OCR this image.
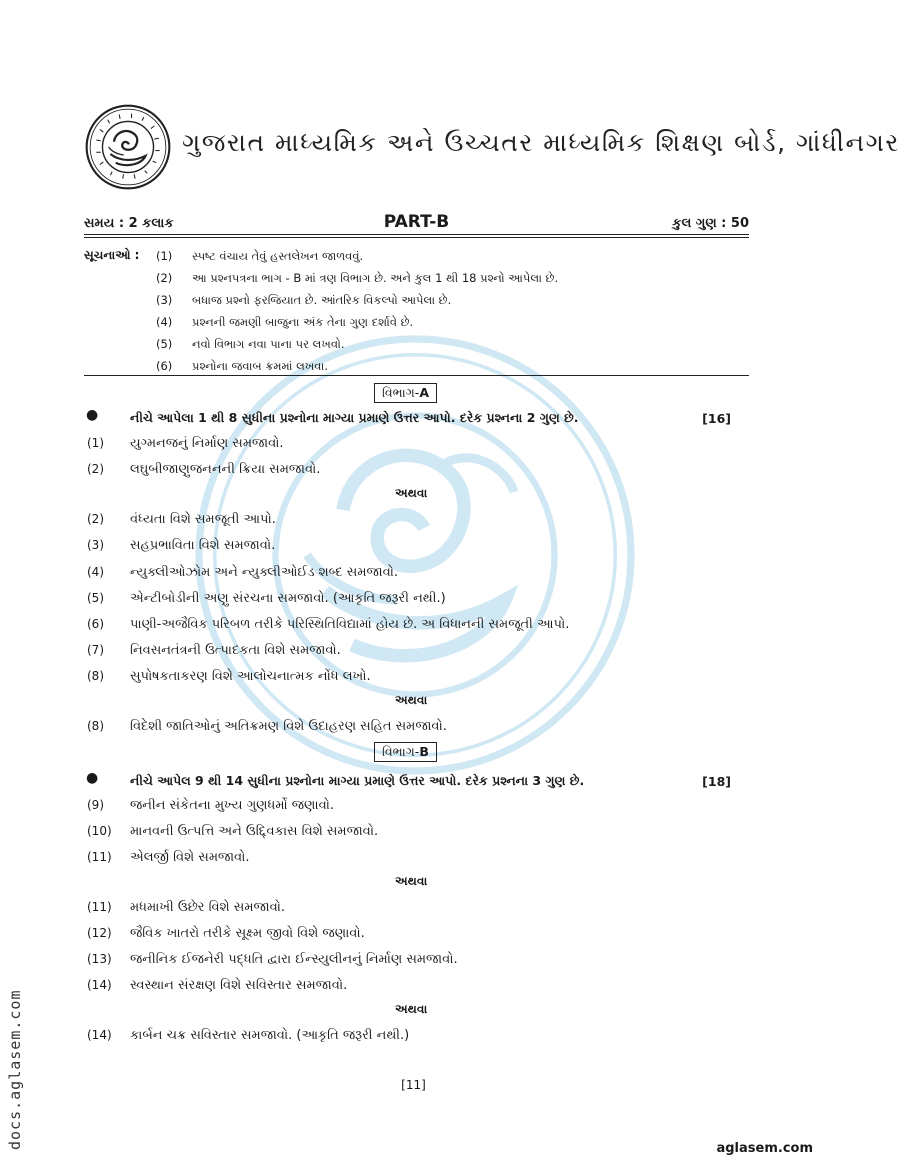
ગુજરાત માધ્યમિક અને ઉચ્ચતર માધ્યમિક શિક્ષણ બોર્ડ, ગાંધીનગર
સમય : 2 કલાક	PART-B	કુલ ગુણ : 50
સૂચનાઓ : (1) સ્પષ્ટ વંચાય તેવું હસ્તલેખન જાળવવું.
(2) આ પ્રશ્નપત્રના ભાગ - B માં ત્રણ વિભાગ છે. અને કુલ 1 થી 18 પ્રશ્નો આપેલા છે.
(3) બધાજ પ્રશ્નો ફરજિયાત છે. આંતરિક વિકલ્પો આપેલા છે.
(4) પ્રશ્નની જમણી બાજુના અંક તેના ગુણ દર્શાવે છે.
(5) નવો વિભાગ નવા પાના પર લખવો.
(6) પ્રશ્નોના જવાબ ક્રમમાં લખવા.
વિભાગ-A
●	નીચે આપેલા 1 થી 8 સુધીના પ્રશ્નોના માગ્યા પ્રમાણે ઉત્તર આપો. દરેક પ્રશ્નના 2 ગુણ છે.	[16]
(1) યુગ્મનજનું નિર્માણ સમજાવો.
(2) લઘુબીજાણુજનનની ક્રિયા સમજાવો.
અથવા
(2) વંધ્યતા વિશે સમજૂતી આપો.
(3) સહપ્રભાવિતા વિશે સમજાવો.
(4) ન્યુક્લીઓઝોમ અને ન્યુક્લીઓઈડ શબ્દ સમજાવો.
(5) એન્ટીબોડીની અણુ સંરચના સમજાવો. (આકૃતિ જરૂરી નથી.)
(6) પાણી-અજૈવિક પરિબળ તરીકે પરિસ્થિતિવિદ્યામાં હોય છે. અ વિધાનની સમજૂતી આપો.
(7) નિવસનતંત્રની ઉત્પાદકતા વિશે સમજાવો.
(8) સુપોષકતાકરણ વિશે આલોચનાત્મક નોંધ લખો.
અથવા
(8) વિદેશી જાતિઓનું અતિક્રમણ વિશે ઉદાહરણ સહિત સમજાવો.
વિભાગ-B
●	નીચે આપેલ 9 થી 14 સુધીના પ્રશ્નોના માગ્યા પ્રમાણે ઉત્તર આપો. દરેક પ્રશ્નના 3 ગુણ છે.	[18]
(9) જનીન સંકેતના મુખ્ય ગુણધર્મો જણાવો.
(10) માનવની ઉત્પત્તિ અને ઉદ્દ્વિકાસ વિશે સમજાવો.
(11) એલર્જી વિશે સમજાવો.
અથવા
(11) મધમાખી ઉછેર વિશે સમજાવો.
(12) જૈવિક ખાતરો તરીકે સૂક્ષ્મ જીવો વિશે જણાવો.
(13) જનીનિક ઈજનેરી પદ્ધતિ દ્વારા ઈન્સ્યુલીનનું નિર્માણ સમજાવો.
(14) સ્વસ્થાન સંરક્ષણ વિશે સવિસ્તાર સમજાવો.
અથવા
(14) કાર્બન ચક્ર સવિસ્તાર સમજાવો. (આકૃતિ જરૂરી નથી.)
[11]
docs.aglasem.com	aglasem.com
